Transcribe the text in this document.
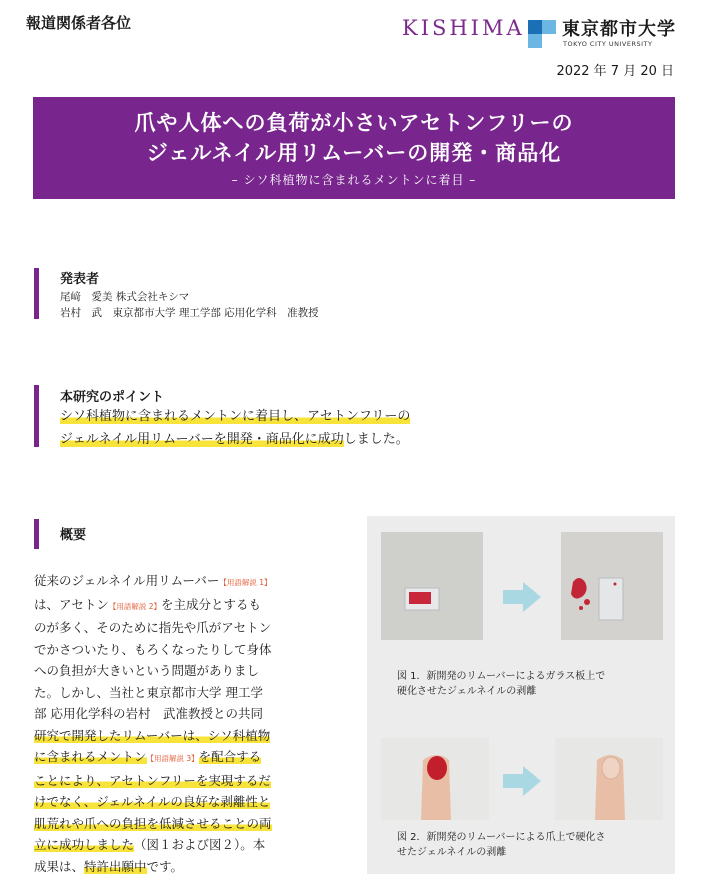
報道関係者各位	KISHIMA 東京都市大学
TOKYO CITY UNIVERSITY
2022 年 7 月 20 日
爪や人体への負荷が小さいアセトンフリーの
ジェルネイル用リムーバーの開発・商品化
– シソ科植物に含まれるメントンに着目 –
発表者
尾﨑　愛美 株式会社キシマ
岩村　武　東京都市大学 理工学部 応用化学科　准教授
本研究のポイント
シソ科植物に含まれるメントンに着目し、アセトンフリーの
ジェルネイル用リムーバーを開発・商品化に成功しました。
概要
従来のジェルネイル用リムーバー【用語解説 1】
は、アセトン【用語解説 2】を主成分とするも
のが多く、そのために指先や爪がアセトン
でかさついたり、もろくなったりして身体
への負担が大きいという問題がありまし
た。しかし、当社と東京都市大学 理工学
部 応用化学科の岩村　武准教授との共同
研究で開発したリムーバーは、シソ科植物
に含まれるメントン【用語解説 3】を配合する
ことにより、アセトンフリーを実現するだ
けでなく、ジェルネイルの良好な剥離性と
肌荒れや爪への負担を低減させることの両
立に成功しました（図１および図２）。本
成果は、特許出願中です。
図 1．新開発のリムーバーによるガラス板上で
硬化させたジェルネイルの剥離
図 2．新開発のリムーバーによる爪上で硬化さ
せたジェルネイルの剥離
